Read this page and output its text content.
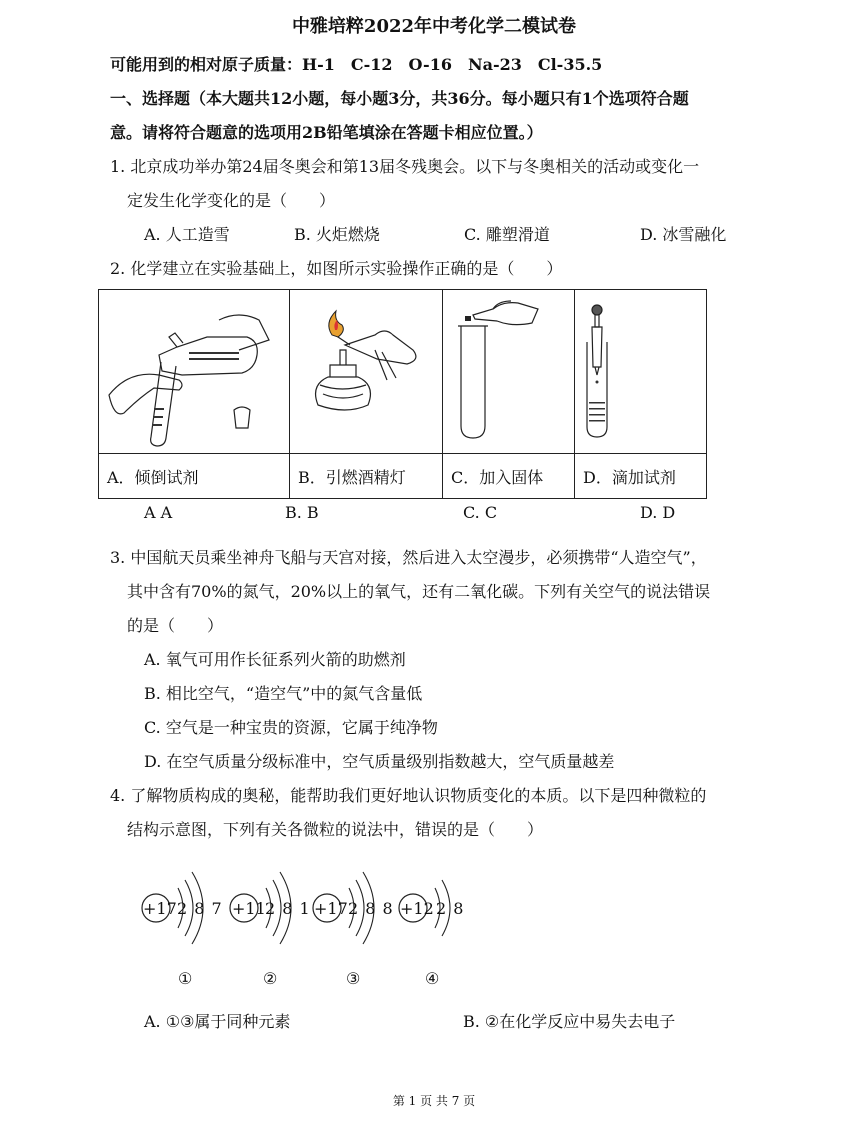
中雅培粹2022年中考化学二模试卷
可能用到的相对原子质量：H-1　C-12　O-16　Na-23　Cl-35.5
一、选择题（本大题共12小题，每小题3分，共36分。每小题只有1个选项符合题
意。请将符合题意的选项用2B铅笔填涂在答题卡相应位置。）
1. 北京成功举办第24届冬奥会和第13届冬残奥会。以下与冬奥相关的活动或变化一
定发生化学变化的是（　　）
A. 人工造雪	B. 火炬燃烧	C. 雕塑滑道	D. 冰雪融化
2. 化学建立在实验基础上，如图所示实验操作正确的是（　　）

A．倾倒试剂	B．引燃酒精灯	C．加入固体	D．滴加试剂
A A	B. B	C. C	D. D
3. 中国航天员乘坐神舟飞船与天宫对接，然后进入太空漫步，必须携带“人造空气”，
其中含有70%的氮气，20%以上的氧气，还有二氧化碳。下列有关空气的说法错误
的是（　　）
A. 氧气可用作长征系列火箭的助燃剂
B. 相比空气，“造空气”中的氮气含量低
C. 空气是一种宝贵的资源，它属于纯净物
D. 在空气质量分级标准中，空气质量级别指数越大，空气质量越差
4. 了解物质构成的奥秘，能帮助我们更好地认识物质变化的本质。以下是四种微粒的
结构示意图，下列有关各微粒的说法中，错误的是（　　）
+17 2 8 7
①
+11 2 8 1
②
+17 2 8 8
③
+12 2 8
④
A. ①③属于同种元素	B. ②在化学反应中易失去电子
第 1 页 共 7 页
